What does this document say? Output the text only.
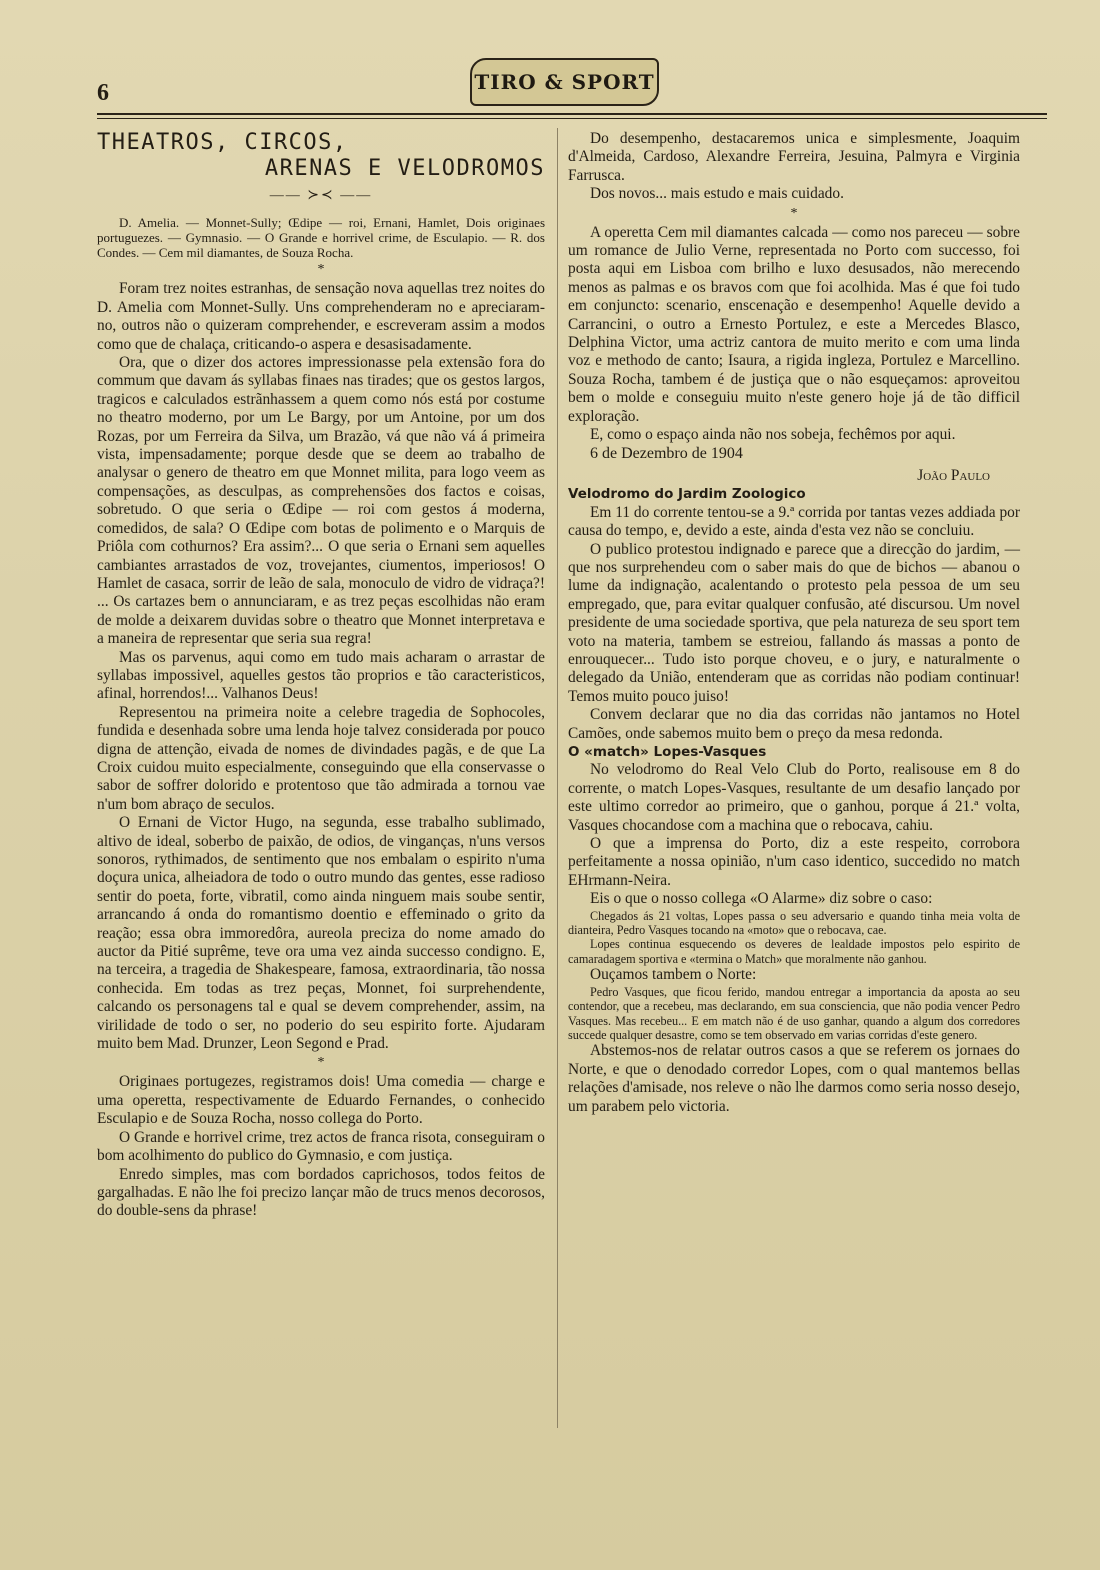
6	TIRO & SPORT
THEATROS, CIRCOS,
ARENAS E VELODROMOS
—— ≻≺ ——

D. Amelia. — Monnet-Sully; Œdipe — roi, Ernani, Hamlet, Dois originaes portuguezes. — Gymnasio. — O Grande e horrivel crime, de Esculapio. — R. dos Condes. — Cem mil diamantes, de Souza Rocha.

*

Foram trez noites estranhas, de sensação nova aquellas trez noites do D. Amelia com Monnet-Sully. Uns comprehenderam no e apreciaram-no, outros não o quizeram comprehender, e escreveram assim a modos como que de chalaça, criticando-o aspera e desasisadamente.

Ora, que o dizer dos actores impressionasse pela extensão fora do commum que davam ás syllabas finaes nas tirades; que os gestos largos, tragicos e calculados estrãnhassem a quem como nós está por costume no theatro moderno, por um Le Bargy, por um Antoine, por um dos Rozas, por um Ferreira da Silva, um Brazão, vá que não vá á primeira vista, impensadamente; porque desde que se deem ao trabalho de analysar o genero de theatro em que Monnet milita, para logo veem as compensações, as desculpas, as comprehensões dos factos e coisas, sobretudo. O que seria o Œdipe — roi com gestos á moderna, comedidos, de sala? O Œdipe com botas de polimento e o Marquis de Priôla com cothurnos? Era assim?... O que seria o Ernani sem aquelles cambiantes arrastados de voz, trovejantes, ciumentos, imperiosos! O Hamlet de casaca, sorrir de leão de sala, monoculo de vidro de vidraça?! ... Os cartazes bem o annunciaram, e as trez peças escolhidas não eram de molde a deixarem duvidas sobre o theatro que Monnet interpretava e a maneira de representar que seria sua regra!

Mas os parvenus, aqui como em tudo mais acharam o arrastar de syllabas impossivel, aquelles gestos tão proprios e tão caracteristicos, afinal, horrendos!... Valhanos Deus!

Representou na primeira noite a celebre tragedia de Sophocoles, fundida e desenhada sobre uma lenda hoje talvez considerada por pouco digna de attenção, eivada de nomes de divindades pagãs, e de que La Croix cuidou muito especialmente, conseguindo que ella conservasse o sabor de soffrer dolorido e protentoso que tão admirada a tornou vae n'um bom abraço de seculos.

O Ernani de Victor Hugo, na segunda, esse trabalho sublimado, altivo de ideal, soberbo de paixão, de odios, de vinganças, n'uns versos sonoros, rythimados, de sentimento que nos embalam o espirito n'uma doçura unica, alheiadora de todo o outro mundo das gentes, esse radioso sentir do poeta, forte, vibratil, como ainda ninguem mais soube sentir, arrancando á onda do romantismo doentio e effeminado o grito da reação; essa obra immoredôra, aureola preciza do nome amado do auctor da Pitié suprême, teve ora uma vez ainda successo condigno. E, na terceira, a tragedia de Shakespeare, famosa, extraordinaria, tão nossa conhecida. Em todas as trez peças, Monnet, foi surprehendente, calcando os personagens tal e qual se devem comprehender, assim, na virilidade de todo o ser, no poderio do seu espirito forte. Ajudaram muito bem Mad. Drunzer, Leon Segond e Prad.

*

Originaes portugezes, registramos dois! Uma comedia — charge e uma operetta, respectivamente de Eduardo Fernandes, o conhecido Esculapio e de Souza Rocha, nosso collega do Porto.

O Grande e horrivel crime, trez actos de franca risota, conseguiram o bom acolhimento do publico do Gymnasio, e com justiça.

Enredo simples, mas com bordados caprichosos, todos feitos de gargalhadas. E não lhe foi precizo lançar mão de trucs menos decorosos, do double-sens da phrase!

Do desempenho, destacaremos unica e simplesmente, Joaquim d'Almeida, Cardoso, Alexandre Ferreira, Jesuina, Palmyra e Virginia Farrusca.

Dos novos... mais estudo e mais cuidado.

*

A operetta Cem mil diamantes calcada — como nos pareceu — sobre um romance de Julio Verne, representada no Porto com successo, foi posta aqui em Lisboa com brilho e luxo desusados, não merecendo menos as palmas e os bravos com que foi acolhida. Mas é que foi tudo em conjuncto: scenario, enscenação e desempenho! Aquelle devido a Carrancini, o outro a Ernesto Portulez, e este a Mercedes Blasco, Delphina Victor, uma actriz cantora de muito merito e com uma linda voz e methodo de canto; Isaura, a rigida ingleza, Portulez e Marcellino. Souza Rocha, tambem é de justiça que o não esqueçamos: aproveitou bem o molde e conseguiu muito n'este genero hoje já de tão difficil exploração.

E, como o espaço ainda não nos sobeja, fechêmos por aqui.

6 de Dezembro de 1904

João Paulo

Velodromo do Jardim Zoologico

Em 11 do corrente tentou-se a 9.ª corrida por tantas vezes addiada por causa do tempo, e, devido a este, ainda d'esta vez não se concluiu.

O publico protestou indignado e parece que a direcção do jardim, — que nos surprehendeu com o saber mais do que de bichos — abanou o lume da indignação, acalentando o protesto pela pessoa de um seu empregado, que, para evitar qualquer confusão, até discursou. Um novel presidente de uma sociedade sportiva, que pela natureza de seu sport tem voto na materia, tambem se estreiou, fallando ás massas a ponto de enrouquecer... Tudo isto porque choveu, e o jury, e naturalmente o delegado da União, entenderam que as corridas não podiam continuar! Temos muito pouco juiso!

Convem declarar que no dia das corridas não jantamos no Hotel Camões, onde sabemos muito bem o preço da mesa redonda.

O «match» Lopes-Vasques

No velodromo do Real Velo Club do Porto, realisouse em 8 do corrente, o match Lopes-Vasques, resultante de um desafio lançado por este ultimo corredor ao primeiro, que o ganhou, porque á 21.ª volta, Vasques chocandose com a machina que o rebocava, cahiu.

O que a imprensa do Porto, diz a este respeito, corrobora perfeitamente a nossa opinião, n'um caso identico, succedido no match EHrmann-Neira.

Eis o que o nosso collega «O Alarme» diz sobre o caso:

Chegados ás 21 voltas, Lopes passa o seu adversario e quando tinha meia volta de dianteira, Pedro Vasques tocando na «moto» que o rebocava, cae.

Lopes continua esquecendo os deveres de lealdade impostos pelo espirito de camaradagem sportiva e «termina o Match» que moralmente não ganhou.

Ouçamos tambem o Norte:

Pedro Vasques, que ficou ferido, mandou entregar a importancia da aposta ao seu contendor, que a recebeu, mas declarando, em sua consciencia, que não podia vencer Pedro Vasques. Mas recebeu... E em match não é de uso ganhar, quando a algum dos corredores succede qualquer desastre, como se tem observado em varias corridas d'este genero.

Abstemos-nos de relatar outros casos a que se referem os jornaes do Norte, e que o denodado corredor Lopes, com o qual mantemos bellas relações d'amisade, nos releve o não lhe darmos como seria nosso desejo, um parabem pelo victoria.
